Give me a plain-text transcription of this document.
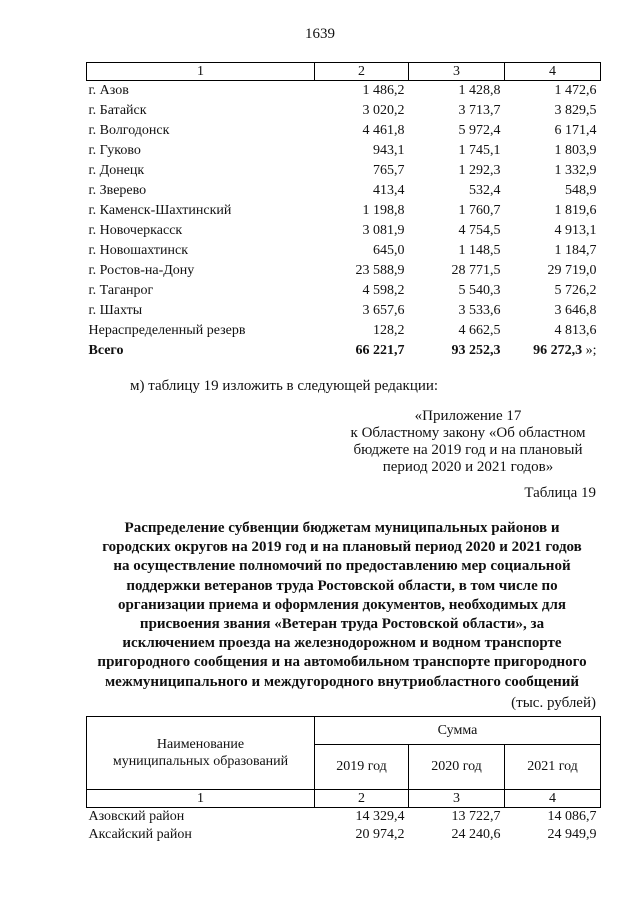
1639
1	2	3	4
г. Азов	1 486,2	1 428,8	1 472,6
г. Батайск	3 020,2	3 713,7	3 829,5
г. Волгодонск	4 461,8	5 972,4	6 171,4
г. Гуково	943,1	1 745,1	1 803,9
г. Донецк	765,7	1 292,3	1 332,9
г. Зверево	413,4	532,4	548,9
г. Каменск-Шахтинский	1 198,8	1 760,7	1 819,6
г. Новочеркасск	3 081,9	4 754,5	4 913,1
г. Новошахтинск	645,0	1 148,5	1 184,7
г. Ростов-на-Дону	23 588,9	28 771,5	29 719,0
г. Таганрог	4 598,2	5 540,3	5 726,2
г. Шахты	3 657,6	3 533,6	3 646,8
Нераспределенный резерв	128,2	4 662,5	4 813,6
Всего	66 221,7	93 252,3	96 272,3 »;
м) таблицу 19 изложить в следующей редакции:
«Приложение 17
к Областному закону «Об областном
бюджете на 2019 год и на плановый
период 2020 и 2021 годов»
Таблица 19
Распределение субвенции бюджетам муниципальных районов и
городских округов на 2019 год и на плановый период 2020 и 2021 годов
на осуществление полномочий по предоставлению мер социальной
поддержки ветеранов труда Ростовской области, в том числе по
организации приема и оформления документов, необходимых для
присвоения звания «Ветеран труда Ростовской области», за
исключением проезда на железнодорожном и водном транспорте
пригородного сообщения и на автомобильном транспорте пригородного
межмуниципального и междугородного внутриобластного сообщений
(тыс. рублей)
Наименование
муниципальных образований	Сумма		
	2019 год	2020 год	2021 год
1	2	3	4
Азовский район	14 329,4	13 722,7	14 086,7
Аксайский район	20 974,2	24 240,6	24 949,9
